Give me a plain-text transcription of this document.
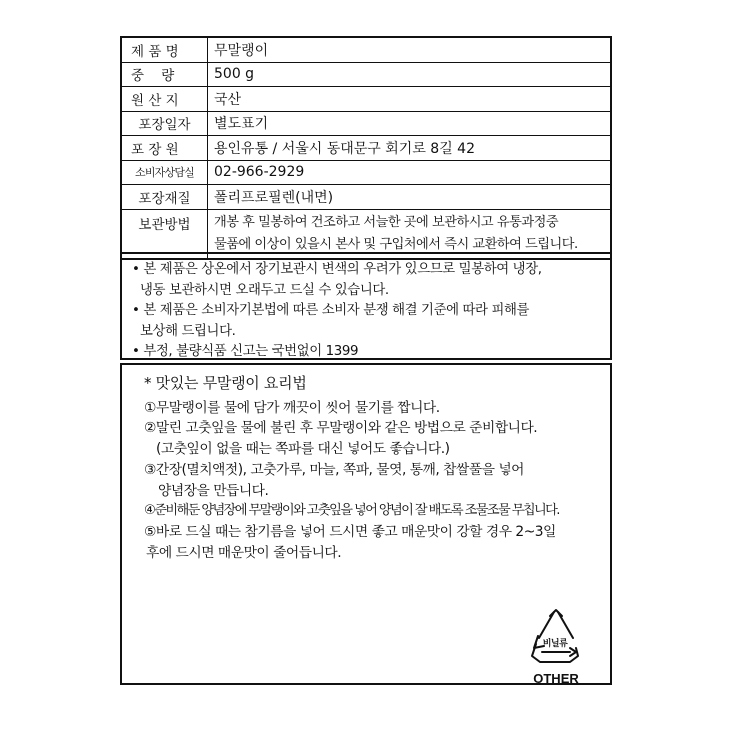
제 품 명	무말랭이
중    량	500 g
원 산 지	국산
포장일자	별도표기
포 장 원	용인유통 / 서울시 동대문구 회기로 8길 42
소비자상담실	02-966-2929
포장재질	폴리프로필렌(내면)
보관방법	개봉 후 밀봉하여 건조하고 서늘한 곳에 보관하시고 유통과정중
물품에 이상이 있을시 본사 및 구입처에서 즉시 교환하여 드립니다.
• 본 제품은 상온에서 장기보관시 변색의 우려가 있으므로 밀봉하여 냉장,
냉동 보관하시면 오래두고 드실 수 있습니다.
• 본 제품은 소비자기본법에 따른 소비자 분쟁 해결 기준에 따라 피해를
보상해 드립니다.
• 부정, 불량식품 신고는 국번없이 1399
* 맛있는 무말랭이 요리법
①무말랭이를 물에 담가 깨끗이 씻어 물기를 짭니다.
②말린 고춧잎을 물에 불린 후 무말랭이와 같은 방법으로 준비합니다.
(고춧잎이 없을 때는 쪽파를 대신 넣어도 좋습니다.)
③간장(멸치액젓), 고춧가루, 마늘, 쪽파, 물엿, 통깨, 찹쌀풀을 넣어
양념장을 만듭니다.
④준비해둔 양념장에 무말랭이와 고춧잎을 넣어 양념이 잘 배도록 조물조물 무칩니다.
⑤바로 드실 때는 참기름을 넣어 드시면 좋고 매운맛이 강할 경우 2~3일
후에 드시면 매운맛이 줄어듭니다.
비닐류
OTHER
